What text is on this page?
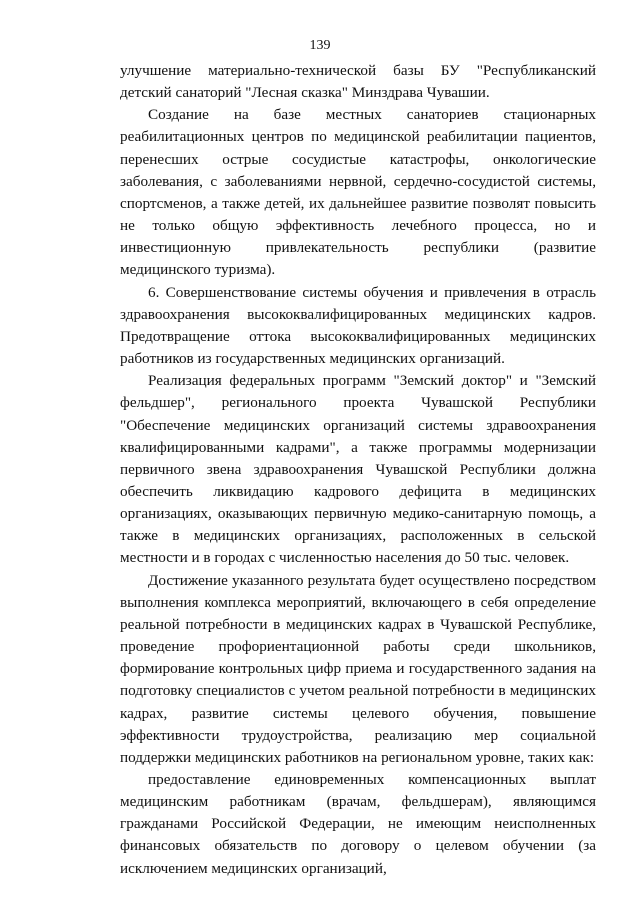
139

улучшение материально-технической базы БУ "Республиканский детский санаторий "Лесная сказка" Минздрава Чувашии.

Создание на базе местных санаториев стационарных реабилитационных центров по медицинской реабилитации пациентов, перенесших острые сосудистые катастрофы, онкологические заболевания, с заболеваниями нервной, сердечно-сосудистой системы, спортсменов, а также детей, их дальнейшее развитие позволят повысить не только общую эффективность лечебного процесса, но и инвестиционную привлекательность республики (развитие медицинского туризма).

6. Совершенствование системы обучения и привлечения в отрасль здравоохранения высококвалифицированных медицинских кадров. Предотвращение оттока высококвалифицированных медицинских работников из государственных медицинских организаций.

Реализация федеральных программ "Земский доктор" и "Земский фельдшер", регионального проекта Чувашской Республики "Обеспечение медицинских организаций системы здравоохранения квалифицированными кадрами", а также программы модернизации первичного звена здравоохранения Чувашской Республики должна обеспечить ликвидацию кадрового дефицита в медицинских организациях, оказывающих первичную медико-санитарную помощь, а также в медицинских организациях, расположенных в сельской местности и в городах с численностью населения до 50 тыс. человек.

Достижение указанного результата будет осуществлено посредством выполнения комплекса мероприятий, включающего в себя определение реальной потребности в медицинских кадрах в Чувашской Республике, проведение профориентационной работы среди школьников, формирование контрольных цифр приема и государственного задания на подготовку специалистов с учетом реальной потребности в медицинских кадрах, развитие системы целевого обучения, повышение эффективности трудоустройства, реализацию мер социальной поддержки медицинских работников на региональном уровне, таких как:

предоставление единовременных компенсационных выплат медицинским работникам (врачам, фельдшерам), являющимся гражданами Российской Федерации, не имеющим неисполненных финансовых обязательств по договору о целевом обучении (за исключением медицинских организаций,
